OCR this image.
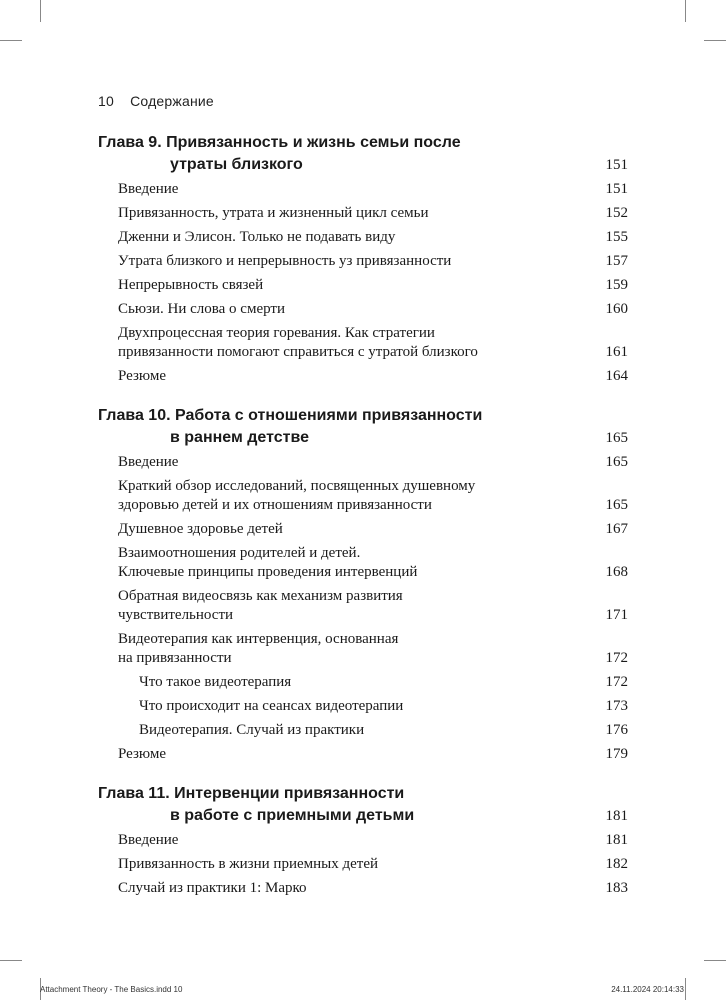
10 Содержание
Глава 9. Привязанность и жизнь семьи после
утраты близкого	151
Введение	151
Привязанность, утрата и жизненный цикл семьи	152
Дженни и Элисон. Только не подавать виду	155
Утрата близкого и непрерывность уз привязанности	157
Непрерывность связей	159
Сьюзи. Ни слова о смерти	160
Двухпроцессная теория горевания. Как стратегии
привязанности помогают справиться с утратой близкого	161
Резюме	164
Глава 10. Работа с отношениями привязанности
в раннем детстве	165
Введение	165
Краткий обзор исследований, посвященных душевному
здоровью детей и их отношениям привязанности	165
Душевное здоровье детей	167
Взаимоотношения родителей и детей.
Ключевые принципы проведения интервенций	168
Обратная видеосвязь как механизм развития
чувствительности	171
Видеотерапия как интервенция, основанная
на привязанности	172
Что такое видеотерапия	172
Что происходит на сеансах видеотерапии	173
Видеотерапия. Случай из практики	176
Резюме	179
Глава 11. Интервенции привязанности
в работе с приемными детьми	181
Введение	181
Привязанность в жизни приемных детей	182
Случай из практики 1: Марко	183
Attachment Theory - The Basics.indd 10	24.11.2024 20:14:33
